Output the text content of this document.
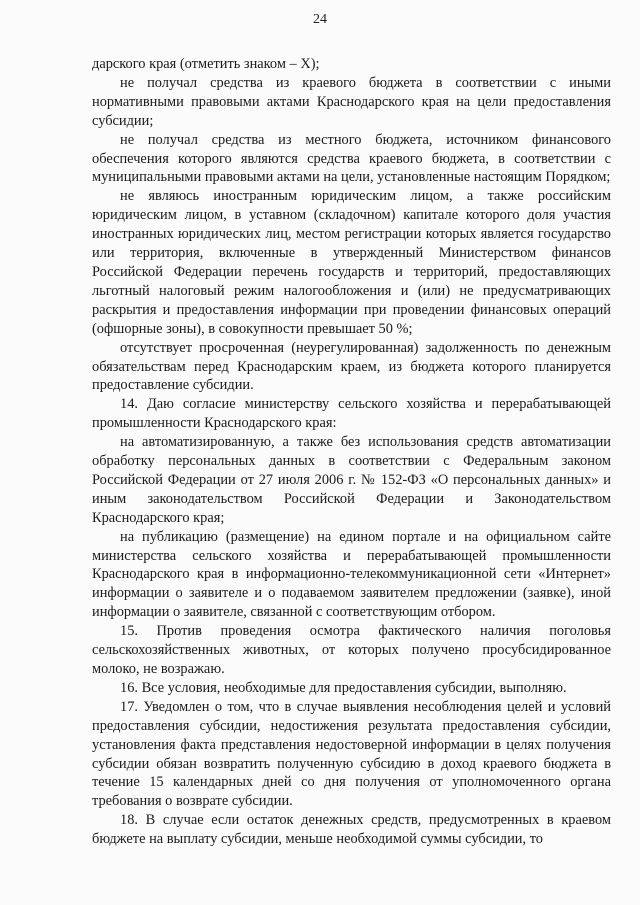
24

дарского края (отметить знаком – X);

не получал средства из краевого бюджета в соответствии с иными нормативными правовыми актами Краснодарского края на цели предоставления субсидии;

не получал средства из местного бюджета, источником финансового обеспечения которого являются средства краевого бюджета, в соответствии с муниципальными правовыми актами на цели, установленные настоящим Порядком;

не являюсь иностранным юридическим лицом, а также российским юридическим лицом, в уставном (складочном) капитале которого доля участия иностранных юридических лиц, местом регистрации которых является государство или территория, включенные в утвержденный Министерством финансов Российской Федерации перечень государств и территорий, предоставляющих льготный налоговый режим налогообложения и (или) не предусматривающих раскрытия и предоставления информации при проведении финансовых операций (офшорные зоны), в совокупности превышает 50 %;

отсутствует просроченная (неурегулированная) задолженность по денежным обязательствам перед Краснодарским краем, из бюджета которого планируется предоставление субсидии.

14. Даю согласие министерству сельского хозяйства и перерабатывающей промышленности Краснодарского края:

на автоматизированную, а также без использования средств автоматизации обработку персональных данных в соответствии с Федеральным законом Российской Федерации от 27 июля 2006 г. № 152-ФЗ «О персональных данных» и иным законодательством Российской Федерации и Законодательством Краснодарского края;

на публикацию (размещение) на едином портале и на официальном сайте министерства сельского хозяйства и перерабатывающей промышленности Краснодарского края в информационно-телекоммуникационной сети «Интернет» информации о заявителе и о подаваемом заявителем предложении (заявке), иной информации о заявителе, связанной с соответствующим отбором.

15. Против проведения осмотра фактического наличия поголовья сельскохозяйственных животных, от которых получено просубсидированное молоко, не возражаю.

16. Все условия, необходимые для предоставления субсидии, выполняю.

17. Уведомлен о том, что в случае выявления несоблюдения целей и условий предоставления субсидии, недостижения результата предоставления субсидии, установления факта представления недостоверной информации в целях получения субсидии обязан возвратить полученную субсидию в доход краевого бюджета в течение 15 календарных дней со дня получения от уполномоченного органа требования о возврате субсидии.

18. В случае если остаток денежных средств, предусмотренных в краевом бюджете на выплату субсидии, меньше необходимой суммы субсидии, то
